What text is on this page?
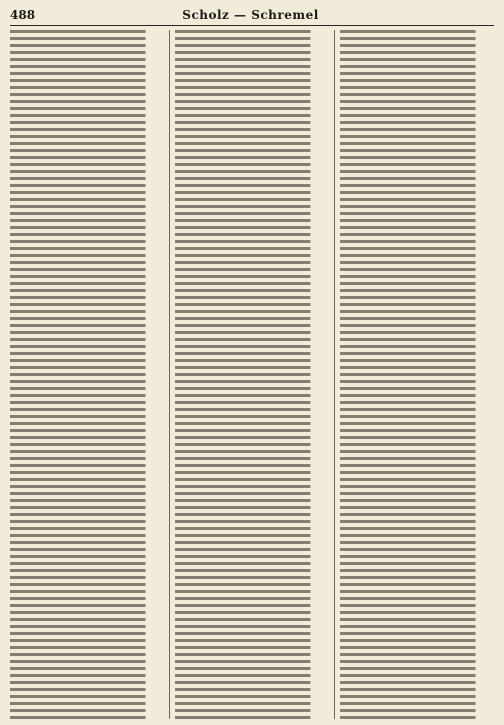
488	Scholz — Schremel
